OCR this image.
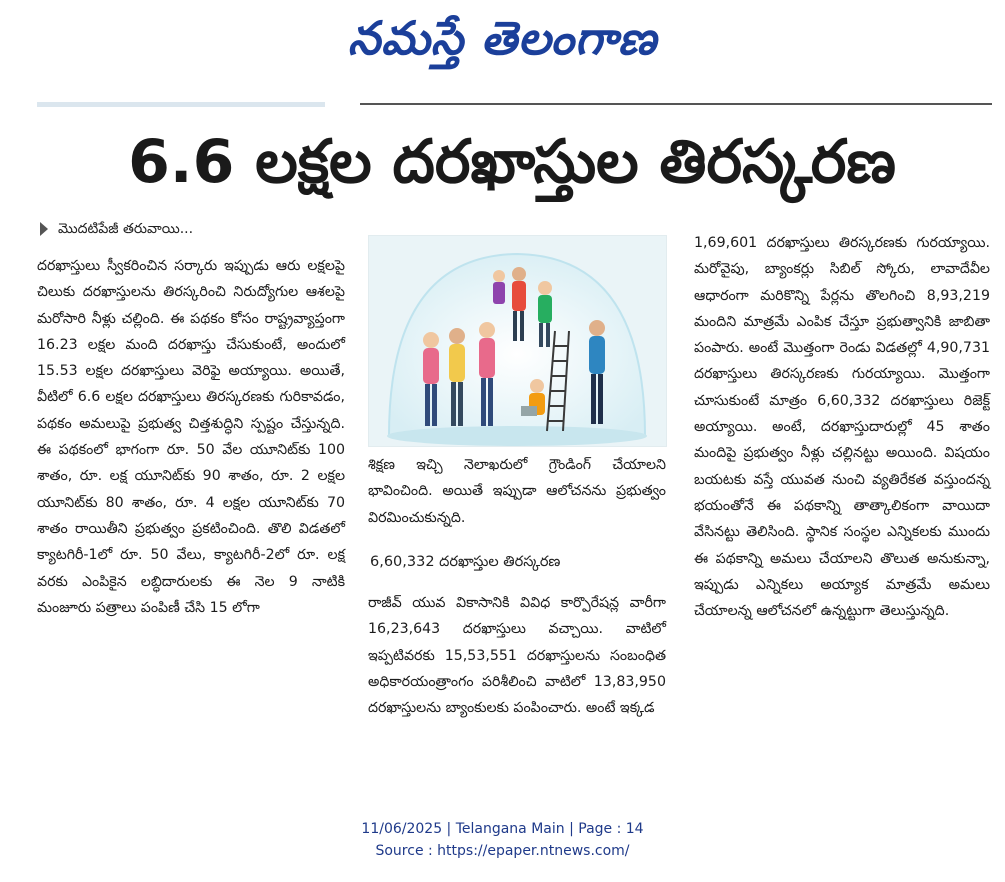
నమస్తే తెలంగాణ
6.6 లక్షల దరఖాస్తుల తిరస్కరణ
మొదటిపేజీ తరువాయి...

దరఖాస్తులు స్వీకరించిన సర్కారు ఇప్పుడు ఆరు లక్షలపై చిలుకు దరఖాస్తులను తిరస్కరించి నిరుద్యోగుల ఆశలపై మరోసారి నీళ్లు చల్లింది. ఈ పథకం కోసం రాష్ట్రవ్యాప్తంగా 16.23 లక్షల మంది దరఖాస్తు చేసుకుంటే, అందులో 15.53 లక్షల దరఖాస్తులు వెరిఫై అయ్యాయి. అయితే, వీటిలో 6.6 లక్షల దరఖాస్తులు తిరస్కరణకు గురికావడం, పథకం అమలుపై ప్రభుత్వ చిత్తశుద్ధిని స్పష్టం చేస్తున్నది. ఈ పథకంలో భాగంగా రూ. 50 వేల యూనిట్‌కు 100 శాతం, రూ. లక్ష యూనిట్‌కు 90 శాతం, రూ. 2 లక్షల యూనిట్‌కు 80 శాతం, రూ. 4 లక్షల యూనిట్‌కు 70 శాతం రాయితీని ప్రభుత్వం ప్రకటించింది. తొలి విడతలో క్యాటగిరీ-1లో రూ. 50 వేలు, క్యాటగిరీ-2లో రూ. లక్ష వరకు ఎంపికైన లబ్ధిదారులకు ఈ నెల 9 నాటికి మంజూరు పత్రాలు పంపిణీ చేసి 15 లోగా

శిక్షణ ఇచ్చి నెలాఖరులో గ్రౌండింగ్ చేయాలని భావించింది. అయితే ఇప్పుడా ఆలోచనను ప్రభుత్వం విరమించుకున్నది.

6,60,332 దరఖాస్తుల తిరస్కరణ

రాజీవ్ యువ వికాసానికి వివిధ కార్పొరేషన్ల వారీగా 16,23,643 దరఖాస్తులు వచ్చాయి. వాటిలో ఇప్పటివరకు 15,53,551 దరఖాస్తులను సంబంధిత అధికారయంత్రాంగం పరిశీలించి వాటిలో 13,83,950 దరఖాస్తులను బ్యాంకులకు పంపించారు. అంటే ఇక్కడ

1,69,601 దరఖాస్తులు తిరస్కరణకు గురయ్యాయి. మరోవైపు, బ్యాంకర్లు సిబిల్ స్కోరు, లావాదేవీల ఆధారంగా మరికొన్ని పేర్లను తొలగించి 8,93,219 మందిని మాత్రమే ఎంపిక చేస్తూ ప్రభుత్వానికి జాబితా పంపారు. అంటే మొత్తంగా రెండు విడతల్లో 4,90,731 దరఖాస్తులు తిరస్కరణకు గురయ్యాయి. మొత్తంగా చూసుకుంటే మాత్రం 6,60,332 దరఖాస్తులు రిజెక్ట్ అయ్యాయి. అంటే, దరఖాస్తుదారుల్లో 45 శాతం మందిపై ప్రభుత్వం నీళ్లు చల్లినట్టు అయింది. విషయం బయటకు వస్తే యువత నుంచి వ్యతిరేకత వస్తుందన్న భయంతోనే ఈ పథకాన్ని తాత్కాలికంగా వాయిదా వేసినట్టు తెలిసింది. స్థానిక సంస్థల ఎన్నికలకు ముందు ఈ పథకాన్ని అమలు చేయాలని తొలుత అనుకున్నా, ఇప్పుడు ఎన్నికలు అయ్యాక మాత్రమే అమలు చేయాలన్న ఆలోచనలో ఉన్నట్టుగా తెలుస్తున్నది.

11/06/2025 | Telangana Main | Page : 14
Source : https://epaper.ntnews.com/
